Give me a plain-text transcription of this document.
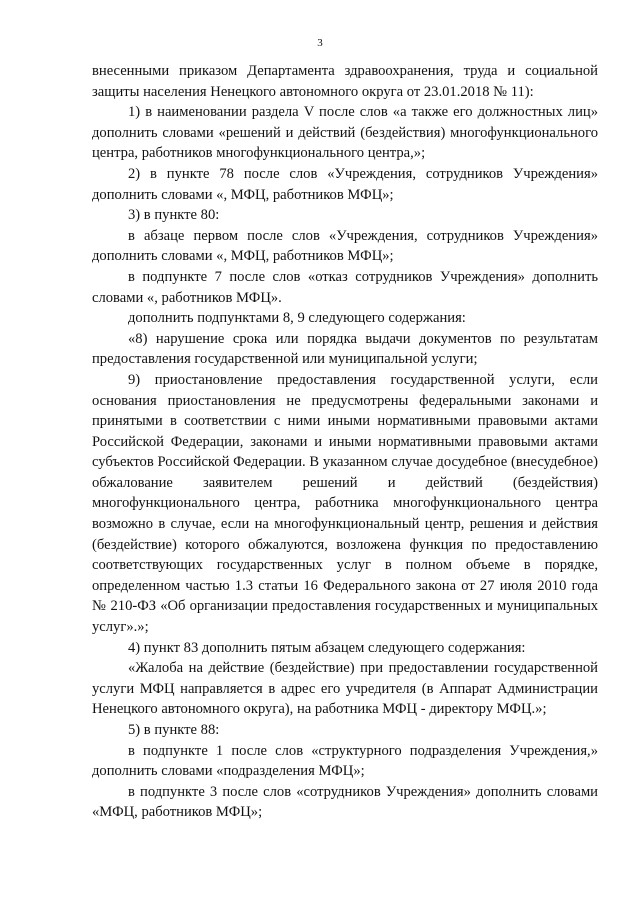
3

внесенными приказом Департамента здравоохранения, труда и социальной защиты населения Ненецкого автономного округа от 23.01.2018 № 11):

1) в наименовании раздела V после слов «а также его должностных лиц» дополнить словами «решений и действий (бездействия) многофункционального центра, работников многофункционального центра,»;

2) в пункте 78 после слов «Учреждения, сотрудников Учреждения» дополнить словами «, МФЦ, работников МФЦ»;

3) в пункте 80:

в абзаце первом после слов «Учреждения, сотрудников Учреждения» дополнить словами «, МФЦ, работников МФЦ»;

в подпункте 7 после слов «отказ сотрудников Учреждения» дополнить словами «, работников МФЦ».

дополнить подпунктами 8, 9 следующего содержания:

«8) нарушение срока или порядка выдачи документов по результатам предоставления государственной или муниципальной услуги;

9) приостановление предоставления государственной услуги, если основания приостановления не предусмотрены федеральными законами и принятыми в соответствии с ними иными нормативными правовыми актами Российской Федерации, законами и иными нормативными правовыми актами субъектов Российской Федерации. В указанном случае досудебное (внесудебное) обжалование заявителем решений и действий (бездействия) многофункционального центра, работника многофункционального центра возможно в случае, если на многофункциональный центр, решения и действия (бездействие) которого обжалуются, возложена функция по предоставлению соответствующих государственных услуг в полном объеме в порядке, определенном частью 1.3 статьи 16 Федерального закона от 27 июля 2010 года № 210-ФЗ «Об организации предоставления государственных и муниципальных услуг».»;

4) пункт 83 дополнить пятым абзацем следующего содержания:

«Жалоба на действие (бездействие) при предоставлении государственной услуги МФЦ направляется в адрес его учредителя (в Аппарат Администрации Ненецкого автономного округа), на работника МФЦ - директору МФЦ.»;

5) в пункте 88:

в подпункте 1 после слов «структурного подразделения Учреждения,» дополнить словами «подразделения МФЦ»;

в подпункте 3 после слов «сотрудников Учреждения» дополнить словами «МФЦ, работников МФЦ»;
